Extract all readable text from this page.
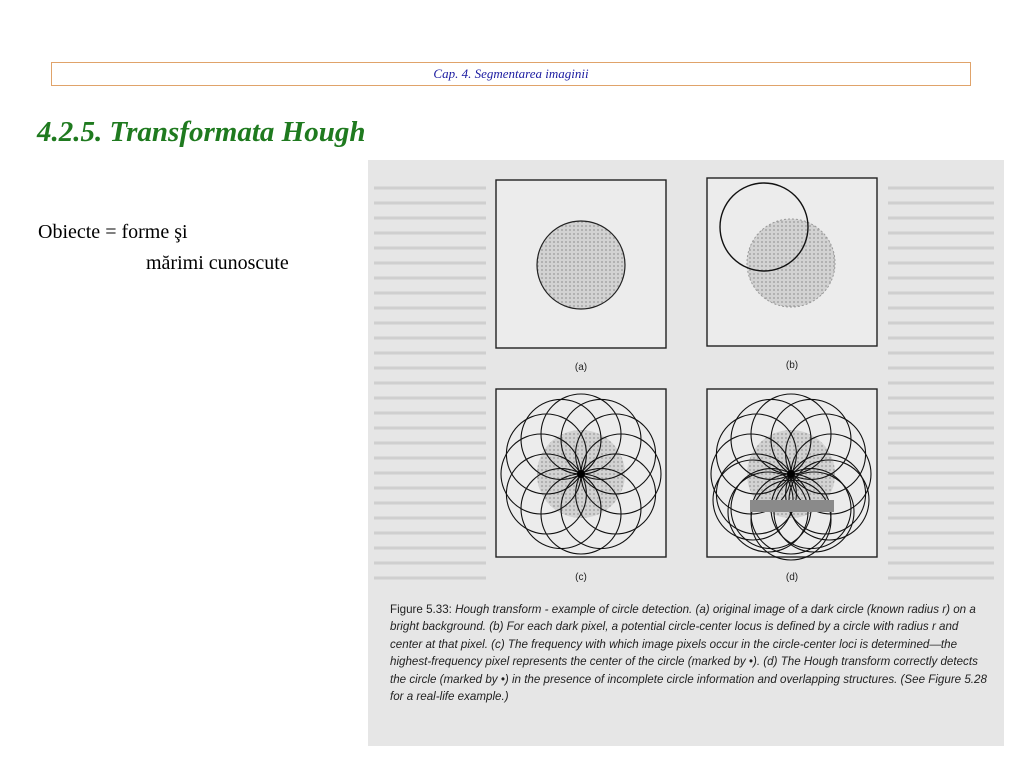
Cap. 4. Segmentarea imaginii
4.2.5. Transformata Hough
Obiecte = forme şi
mărimi cunoscute
(a)	(b)
(c)	(d)
Figure 5.33: Hough transform - example of circle detection. (a) original image of a dark circle (known radius r) on a bright background. (b) For each dark pixel, a potential circle-center locus is defined by a circle with radius r and center at that pixel. (c) The frequency with which image pixels occur in the circle-center loci is determined—the highest-frequency pixel represents the center of the circle (marked by •). (d) The Hough transform correctly detects the circle (marked by •) in the presence of incomplete circle information and overlapping structures. (See Figure 5.28 for a real-life example.)
